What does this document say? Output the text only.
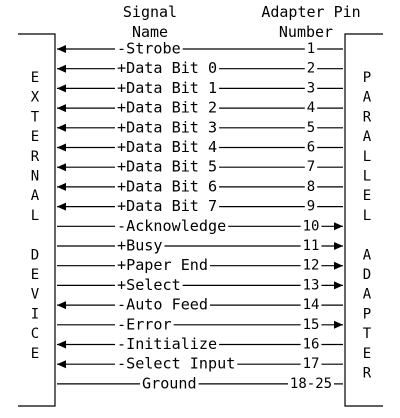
Signal
Name
Adapter Pin
Number
E
X
T
E
R
N
A
L
D
E
V
I
C
E
P
A
R
A
L
L
E
L
A
D
A
P
T
E
R
-Strobe	1
+Data Bit 0	2
+Data Bit 1	3
+Data Bit 2	4
+Data Bit 3	5
+Data Bit 4	6
+Data Bit 5	7
+Data Bit 6	8
+Data Bit 7	9
-Acknowledge	10
+Busy	11
+Paper End	12
+Select	13
-Auto Feed	14
-Error	15
-Initialize	16
-Select Input	17
Ground	18-25
